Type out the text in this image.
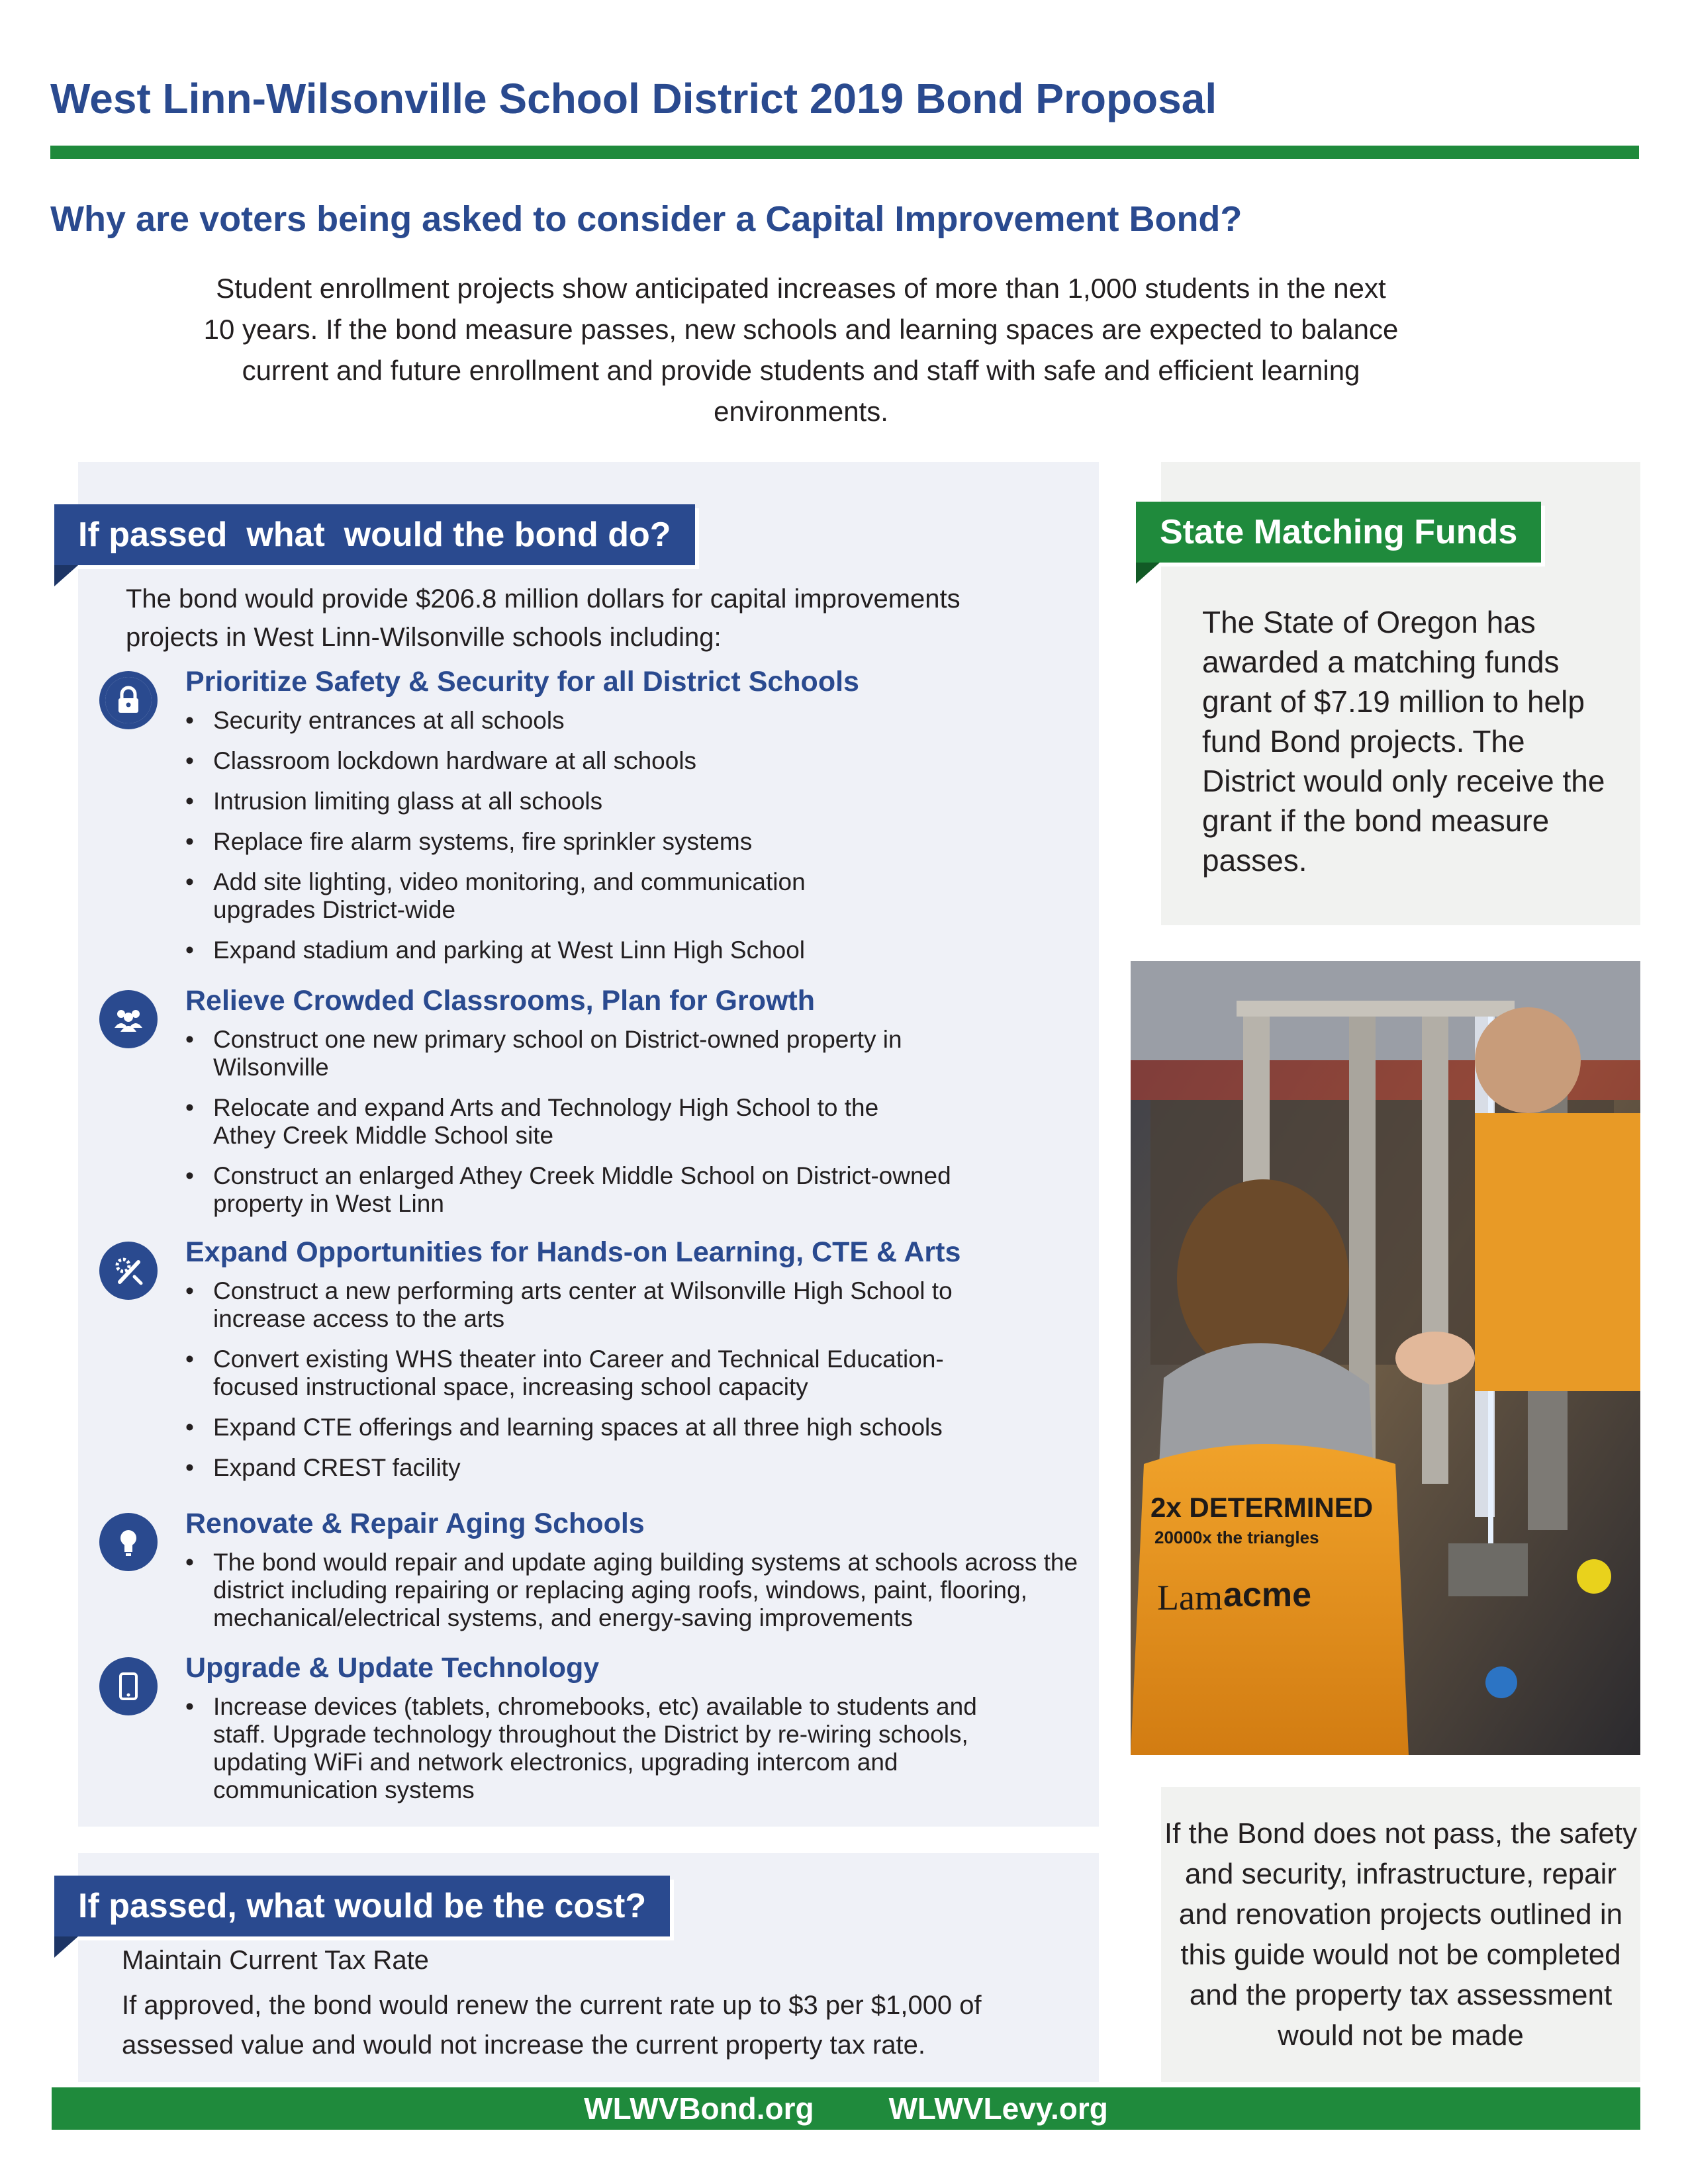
West Linn-Wilsonville School District 2019 Bond Proposal
Why are voters being asked to consider a Capital Improvement Bond?
Student enrollment projects show anticipated increases of more than 1,000 students in the next 10 years. If the bond measure passes, new schools and learning spaces are expected to balance current and future enrollment and provide students and staff with safe and efficient learning environments.
If passed  what  would the bond do?
The bond would provide $206.8 million dollars for capital improvements projects in West Linn-Wilsonville schools including:
Prioritize Safety & Security for all District Schools
• Security entrances at all schools
• Classroom lockdown hardware at all schools
• Intrusion limiting glass at all schools
• Replace fire alarm systems, fire sprinkler systems
• Add site lighting, video monitoring, and communication upgrades District-wide
• Expand stadium and parking at West Linn High School
Relieve Crowded Classrooms, Plan for Growth
• Construct one new primary school on District-owned property in Wilsonville
• Relocate and expand Arts and Technology High School to the Athey Creek Middle School site
• Construct an enlarged Athey Creek Middle School on District-owned property in West Linn
Expand Opportunities for Hands-on Learning, CTE & Arts
• Construct a new performing arts center at Wilsonville High School to increase access to the arts
• Convert existing WHS theater into Career and Technical Education-focused instructional space, increasing school capacity
• Expand CTE offerings and learning spaces at all three high schools
• Expand CREST facility
Renovate & Repair Aging Schools
• The bond would repair and update aging building systems at schools across the district including repairing or replacing aging roofs, windows, paint, flooring, mechanical/electrical systems, and energy-saving improvements
Upgrade & Update Technology
• Increase devices (tablets, chromebooks, etc) available to students and staff. Upgrade technology throughout the District by re-wiring schools, updating WiFi and network electronics, upgrading intercom and communication systems
If passed, what would be the cost?
Maintain Current Tax Rate
If approved, the bond would renew the current rate up to $3 per $1,000 of assessed value and would not increase the current property tax rate.
State Matching Funds
The State of Oregon has awarded a matching funds grant of $7.19 million to help fund Bond projects. The District would only receive the grant if the bond measure passes.
2x DETERMINED
20000x the triangles
Lam acme
If the Bond does not pass, the safety and security, infrastructure, repair and renovation projects outlined in this guide would not be completed and the property tax assessment would not be made
WLWVBond.org WLWVLevy.org
